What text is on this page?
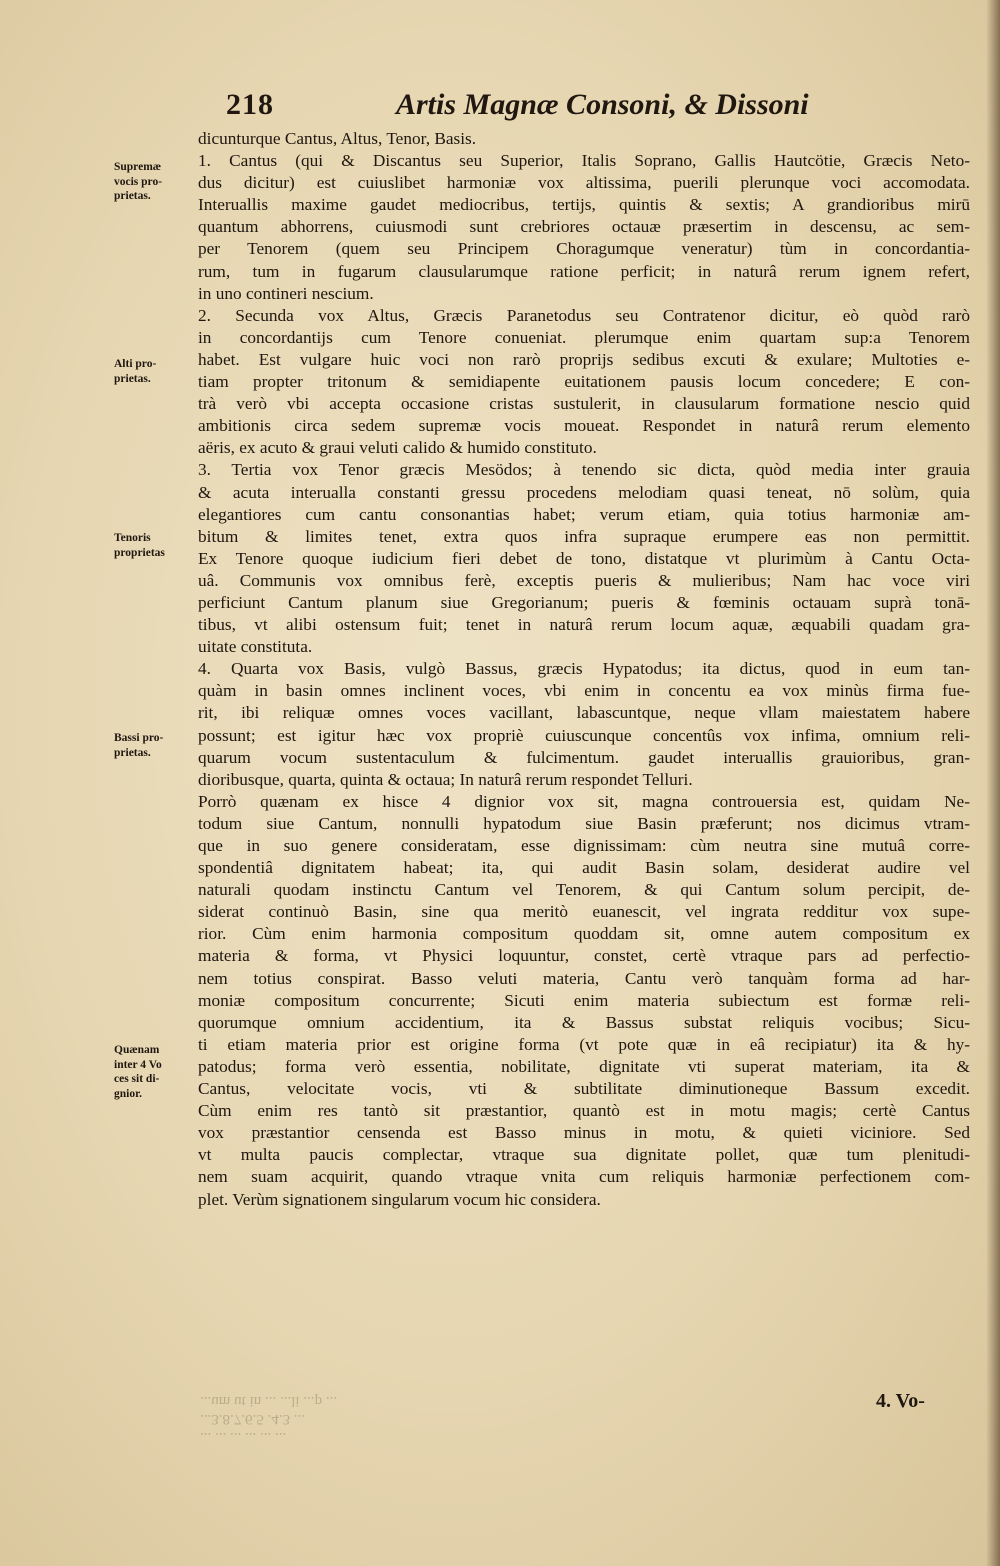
218	Artis Magnæ Consoni, & Dissoni
Supremæ
vocis pro-
prietas.
Alti pro-
prietas.
Tenoris
proprietas
Bassi pro-
prietas.
Quænam
inter 4 Vo
ces sit di-
gnior.
dicunturque Cantus, Altus, Tenor, Basis.
1. Cantus (qui & Discantus seu Superior, Italis Soprano, Gallis Hautcötie, Græcis Neto-
dus dicitur) est cuiuslibet harmoniæ vox altissima, puerili plerunque voci accomodata.
Interuallis maxime gaudet mediocribus, tertijs, quintis & sextis; A grandioribus mirū
quantum abhorrens, cuiusmodi sunt crebriores octauæ præsertim in descensu, ac sem-
per Tenorem (quem seu Principem Choragumque veneratur) tùm in concordantia-
rum, tum in fugarum clausularumque ratione perficit; in naturâ rerum ignem refert,
in uno contineri nescium.
2. Secunda vox Altus, Græcis Paranetodus seu Contratenor dicitur, eò quòd rarò
in concordantijs cum Tenore conueniat. plerumque enim quartam sup:a Tenorem
habet. Est vulgare huic voci non rarò proprijs sedibus excuti & exulare; Multoties e-
tiam propter tritonum & semidiapente euitationem pausis locum concedere; E con-
trà verò vbi accepta occasione cristas sustulerit, in clausularum formatione nescio quid
ambitionis circa sedem supremæ vocis moueat. Respondet in naturâ rerum elemento
aëris, ex acuto & graui veluti calido & humido constituto.
3. Tertia vox Tenor græcis Mesödos; à tenendo sic dicta, quòd media inter grauia
& acuta interualla constanti gressu procedens melodiam quasi teneat, nō solùm, quia
elegantiores cum cantu consonantias habet; verum etiam, quia totius harmoniæ am-
bitum & limites tenet, extra quos infra supraque erumpere eas non permittit.
Ex Tenore quoque iudicium fieri debet de tono, distatque vt plurimùm à Cantu Octa-
uâ. Communis vox omnibus ferè, exceptis pueris & mulieribus; Nam hac voce viri
perficiunt Cantum planum siue Gregorianum; pueris & fœminis octauam suprà tonā-
tibus, vt alibi ostensum fuit; tenet in naturâ rerum locum aquæ, æquabili quadam gra-
uitate constituta.
4. Quarta vox Basis, vulgò Bassus, græcis Hypatodus; ita dictus, quod in eum tan-
quàm in basin omnes inclinent voces, vbi enim in concentu ea vox minùs firma fue-
rit, ibi reliquæ omnes voces vacillant, labascuntque, neque vllam maiestatem habere
possunt; est igitur hæc vox propriè cuiuscunque concentûs vox infima, omnium reli-
quarum vocum sustentaculum & fulcimentum. gaudet interuallis grauioribus, gran-
dioribusque, quarta, quinta & octaua; In naturâ rerum respondet Telluri.
Porrò quænam ex hisce 4 dignior vox sit, magna controuersia est, quidam Ne-
todum siue Cantum, nonnulli hypatodum siue Basin præferunt; nos dicimus vtram-
que in suo genere consideratam, esse dignissimam: cùm neutra sine mutuâ corre-
spondentiâ dignitatem habeat; ita, qui audit Basin solam, desiderat audire vel
naturali quodam instinctu Cantum vel Tenorem, & qui Cantum solum percipit, de-
siderat continuò Basin, sine qua meritò euanescit, vel ingrata redditur vox supe-
rior. Cùm enim harmonia compositum quoddam sit, omne autem compositum ex
materia & forma, vt Physici loquuntur, constet, certè vtraque pars ad perfectio-
nem totius conspirat. Basso veluti materia, Cantu verò tanquàm forma ad har-
moniæ compositum concurrente; Sicuti enim materia subiectum est formæ reli-
quorumque omnium accidentium, ita & Bassus substat reliquis vocibus; Sicu-
ti etiam materia prior est origine forma (vt pote quæ in eâ recipiatur) ita & hy-
patodus; forma verò essentia, nobilitate, dignitate vti superat materiam, ita &
Cantus, velocitate vocis, vti & subtilitate diminutioneque Bassum excedit.
Cùm enim res tantò sit præstantior, quantò est in motu magis; certè Cantus
vox præstantior censenda est Basso minus in motu, & quieti viciniore. Sed
vt multa paucis complectar, vtraque sua dignitate pollet, quæ tum plenitudi-
nem suam acquirit, quando vtraque vnita cum reliquis harmoniæ perfectionem com-
plet. Verùm signationem singularum vocum hic considera.
...um ut in ... ...li ...p ...
...3.8.7.6.5 .4.3 ...
... ... ... ... ... ...
4. Vo-
